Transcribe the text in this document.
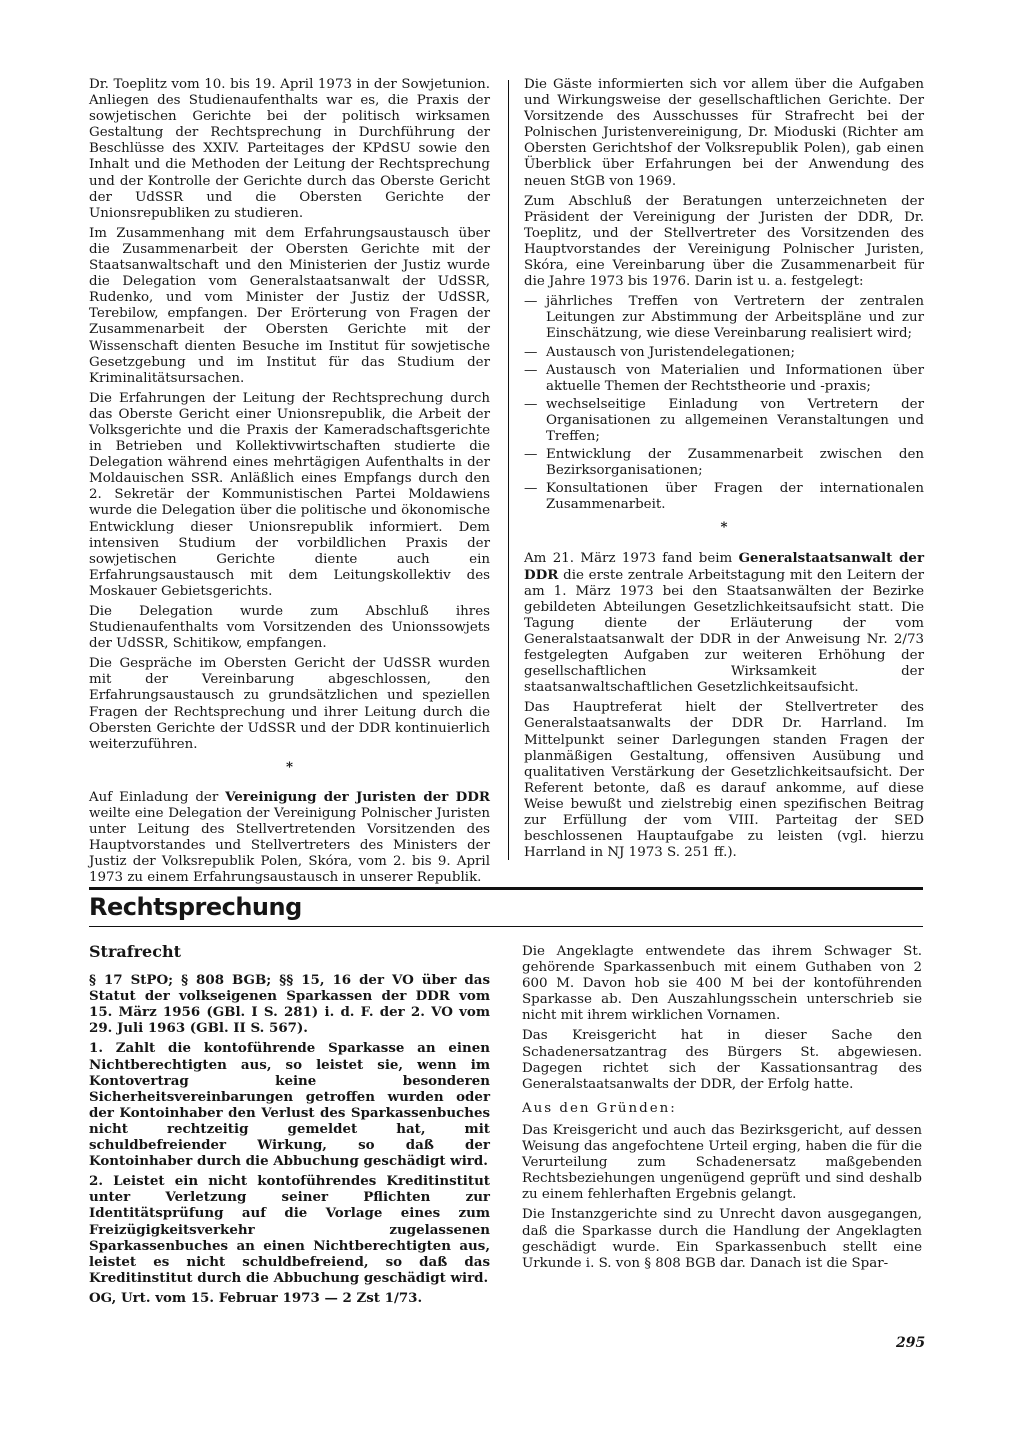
Dr. Toeplitz vom 10. bis 19. April 1973 in der Sowjetunion. Anliegen des Studienaufenthalts war es, die Praxis der sowjetischen Gerichte bei der politisch wirksamen Gestaltung der Rechtsprechung in Durchführung der Beschlüsse des XXIV. Parteitages der KPdSU sowie den Inhalt und die Methoden der Leitung der Rechtsprechung und der Kontrolle der Gerichte durch das Oberste Gericht der UdSSR und die Obersten Gerichte der Unionsrepubliken zu studieren.

Im Zusammenhang mit dem Erfahrungsaustausch über die Zusammenarbeit der Obersten Gerichte mit der Staatsanwaltschaft und den Ministerien der Justiz wurde die Delegation vom Generalstaatsanwalt der UdSSR, Rudenko, und vom Minister der Justiz der UdSSR, Terebilow, empfangen. Der Erörterung von Fragen der Zusammenarbeit der Obersten Gerichte mit der Wissenschaft dienten Besuche im Institut für sowjetische Gesetzgebung und im Institut für das Studium der Kriminalitätsursachen.

Die Erfahrungen der Leitung der Rechtsprechung durch das Oberste Gericht einer Unionsrepublik, die Arbeit der Volksgerichte und die Praxis der Kameradschaftsgerichte in Betrieben und Kollektivwirtschaften studierte die Delegation während eines mehrtägigen Aufenthalts in der Moldauischen SSR. Anläßlich eines Empfangs durch den 2. Sekretär der Kommunistischen Partei Moldawiens wurde die Delegation über die politische und ökonomische Entwicklung dieser Unionsrepublik informiert. Dem intensiven Studium der vorbildlichen Praxis der sowjetischen Gerichte diente auch ein Erfahrungsaustausch mit dem Leitungskollektiv des Moskauer Gebietsgerichts.

Die Delegation wurde zum Abschluß ihres Studienaufenthalts vom Vorsitzenden des Unionssowjets der UdSSR, Schitikow, empfangen.

Die Gespräche im Obersten Gericht der UdSSR wurden mit der Vereinbarung abgeschlossen, den Erfahrungsaustausch zu grundsätzlichen und speziellen Fragen der Rechtsprechung und ihrer Leitung durch die Obersten Gerichte der UdSSR und der DDR kontinuierlich weiterzuführen.

*

Auf Einladung der Vereinigung der Juristen der DDR weilte eine Delegation der Vereinigung Polnischer Juristen unter Leitung des Stellvertretenden Vorsitzenden des Hauptvorstandes und Stellvertreters des Ministers der Justiz der Volksrepublik Polen, Skóra, vom 2. bis 9. April 1973 zu einem Erfahrungsaustausch in unserer Republik.

Die Gäste informierten sich vor allem über die Aufgaben und Wirkungsweise der gesellschaftlichen Gerichte. Der Vorsitzende des Ausschusses für Strafrecht bei der Polnischen Juristenvereinigung, Dr. Mioduski (Richter am Obersten Gerichtshof der Volksrepublik Polen), gab einen Überblick über Erfahrungen bei der Anwendung des neuen StGB von 1969.

Zum Abschluß der Beratungen unterzeichneten der Präsident der Vereinigung der Juristen der DDR, Dr. Toeplitz, und der Stellvertreter des Vorsitzenden des Hauptvorstandes der Vereinigung Polnischer Juristen, Skóra, eine Vereinbarung über die Zusammenarbeit für die Jahre 1973 bis 1976. Darin ist u. a. festgelegt:

— jährliches Treffen von Vertretern der zentralen Leitungen zur Abstimmung der Arbeitspläne und zur Einschätzung, wie diese Vereinbarung realisiert wird;
— Austausch von Juristendelegationen;
— Austausch von Materialien und Informationen über aktuelle Themen der Rechtstheorie und -praxis;
— wechselseitige Einladung von Vertretern der Organisationen zu allgemeinen Veranstaltungen und Treffen;
— Entwicklung der Zusammenarbeit zwischen den Bezirksorganisationen;
— Konsultationen über Fragen der internationalen Zusammenarbeit.

*

Am 21. März 1973 fand beim Generalstaatsanwalt der DDR die erste zentrale Arbeitstagung mit den Leitern der am 1. März 1973 bei den Staatsanwälten der Bezirke gebildeten Abteilungen Gesetzlichkeitsaufsicht statt. Die Tagung diente der Erläuterung der vom Generalstaatsanwalt der DDR in der Anweisung Nr. 2/73 festgelegten Aufgaben zur weiteren Erhöhung der gesellschaftlichen Wirksamkeit der staatsanwaltschaftlichen Gesetzlichkeitsaufsicht.

Das Hauptreferat hielt der Stellvertreter des Generalstaatsanwalts der DDR Dr. Harrland. Im Mittelpunkt seiner Darlegungen standen Fragen der planmäßigen Gestaltung, offensiven Ausübung und qualitativen Verstärkung der Gesetzlichkeitsaufsicht. Der Referent betonte, daß es darauf ankomme, auf diese Weise bewußt und zielstrebig einen spezifischen Beitrag zur Erfüllung der vom VIII. Parteitag der SED beschlossenen Hauptaufgabe zu leisten (vgl. hierzu Harrland in NJ 1973 S. 251 ff.).

Rechtsprechung

Strafrecht

§ 17 StPO; § 808 BGB; §§ 15, 16 der VO über das Statut der volkseigenen Sparkassen der DDR vom 15. März 1956 (GBl. I S. 281) i. d. F. der 2. VO vom 29. Juli 1963 (GBl. II S. 567).

1. Zahlt die kontoführende Sparkasse an einen Nichtberechtigten aus, so leistet sie, wenn im Kontovertrag keine besonderen Sicherheitsvereinbarungen getroffen wurden oder der Kontoinhaber den Verlust des Sparkassenbuches nicht rechtzeitig gemeldet hat, mit schuldbefreiender Wirkung, so daß der Kontoinhaber durch die Abbuchung geschädigt wird.

2. Leistet ein nicht kontoführendes Kreditinstitut unter Verletzung seiner Pflichten zur Identitätsprüfung auf die Vorlage eines zum Freizügigkeitsverkehr zugelassenen Sparkassenbuches an einen Nichtberechtigten aus, leistet es nicht schuldbefreiend, so daß das Kreditinstitut durch die Abbuchung geschädigt wird.

OG, Urt. vom 15. Februar 1973 — 2 Zst 1/73.

Die Angeklagte entwendete das ihrem Schwager St. gehörende Sparkassenbuch mit einem Guthaben von 2 600 M. Davon hob sie 400 M bei der kontoführenden Sparkasse ab. Den Auszahlungsschein unterschrieb sie nicht mit ihrem wirklichen Vornamen.

Das Kreisgericht hat in dieser Sache den Schadenersatzantrag des Bürgers St. abgewiesen. Dagegen richtet sich der Kassationsantrag des Generalstaatsanwalts der DDR, der Erfolg hatte.

Aus den Gründen:

Das Kreisgericht und auch das Bezirksgericht, auf dessen Weisung das angefochtene Urteil erging, haben die für die Verurteilung zum Schadenersatz maßgebenden Rechtsbeziehungen ungenügend geprüft und sind deshalb zu einem fehlerhaften Ergebnis gelangt.

Die Instanzgerichte sind zu Unrecht davon ausgegangen, daß die Sparkasse durch die Handlung der Angeklagten geschädigt wurde. Ein Sparkassenbuch stellt eine Urkunde i. S. von § 808 BGB dar. Danach ist die Spar-

295
